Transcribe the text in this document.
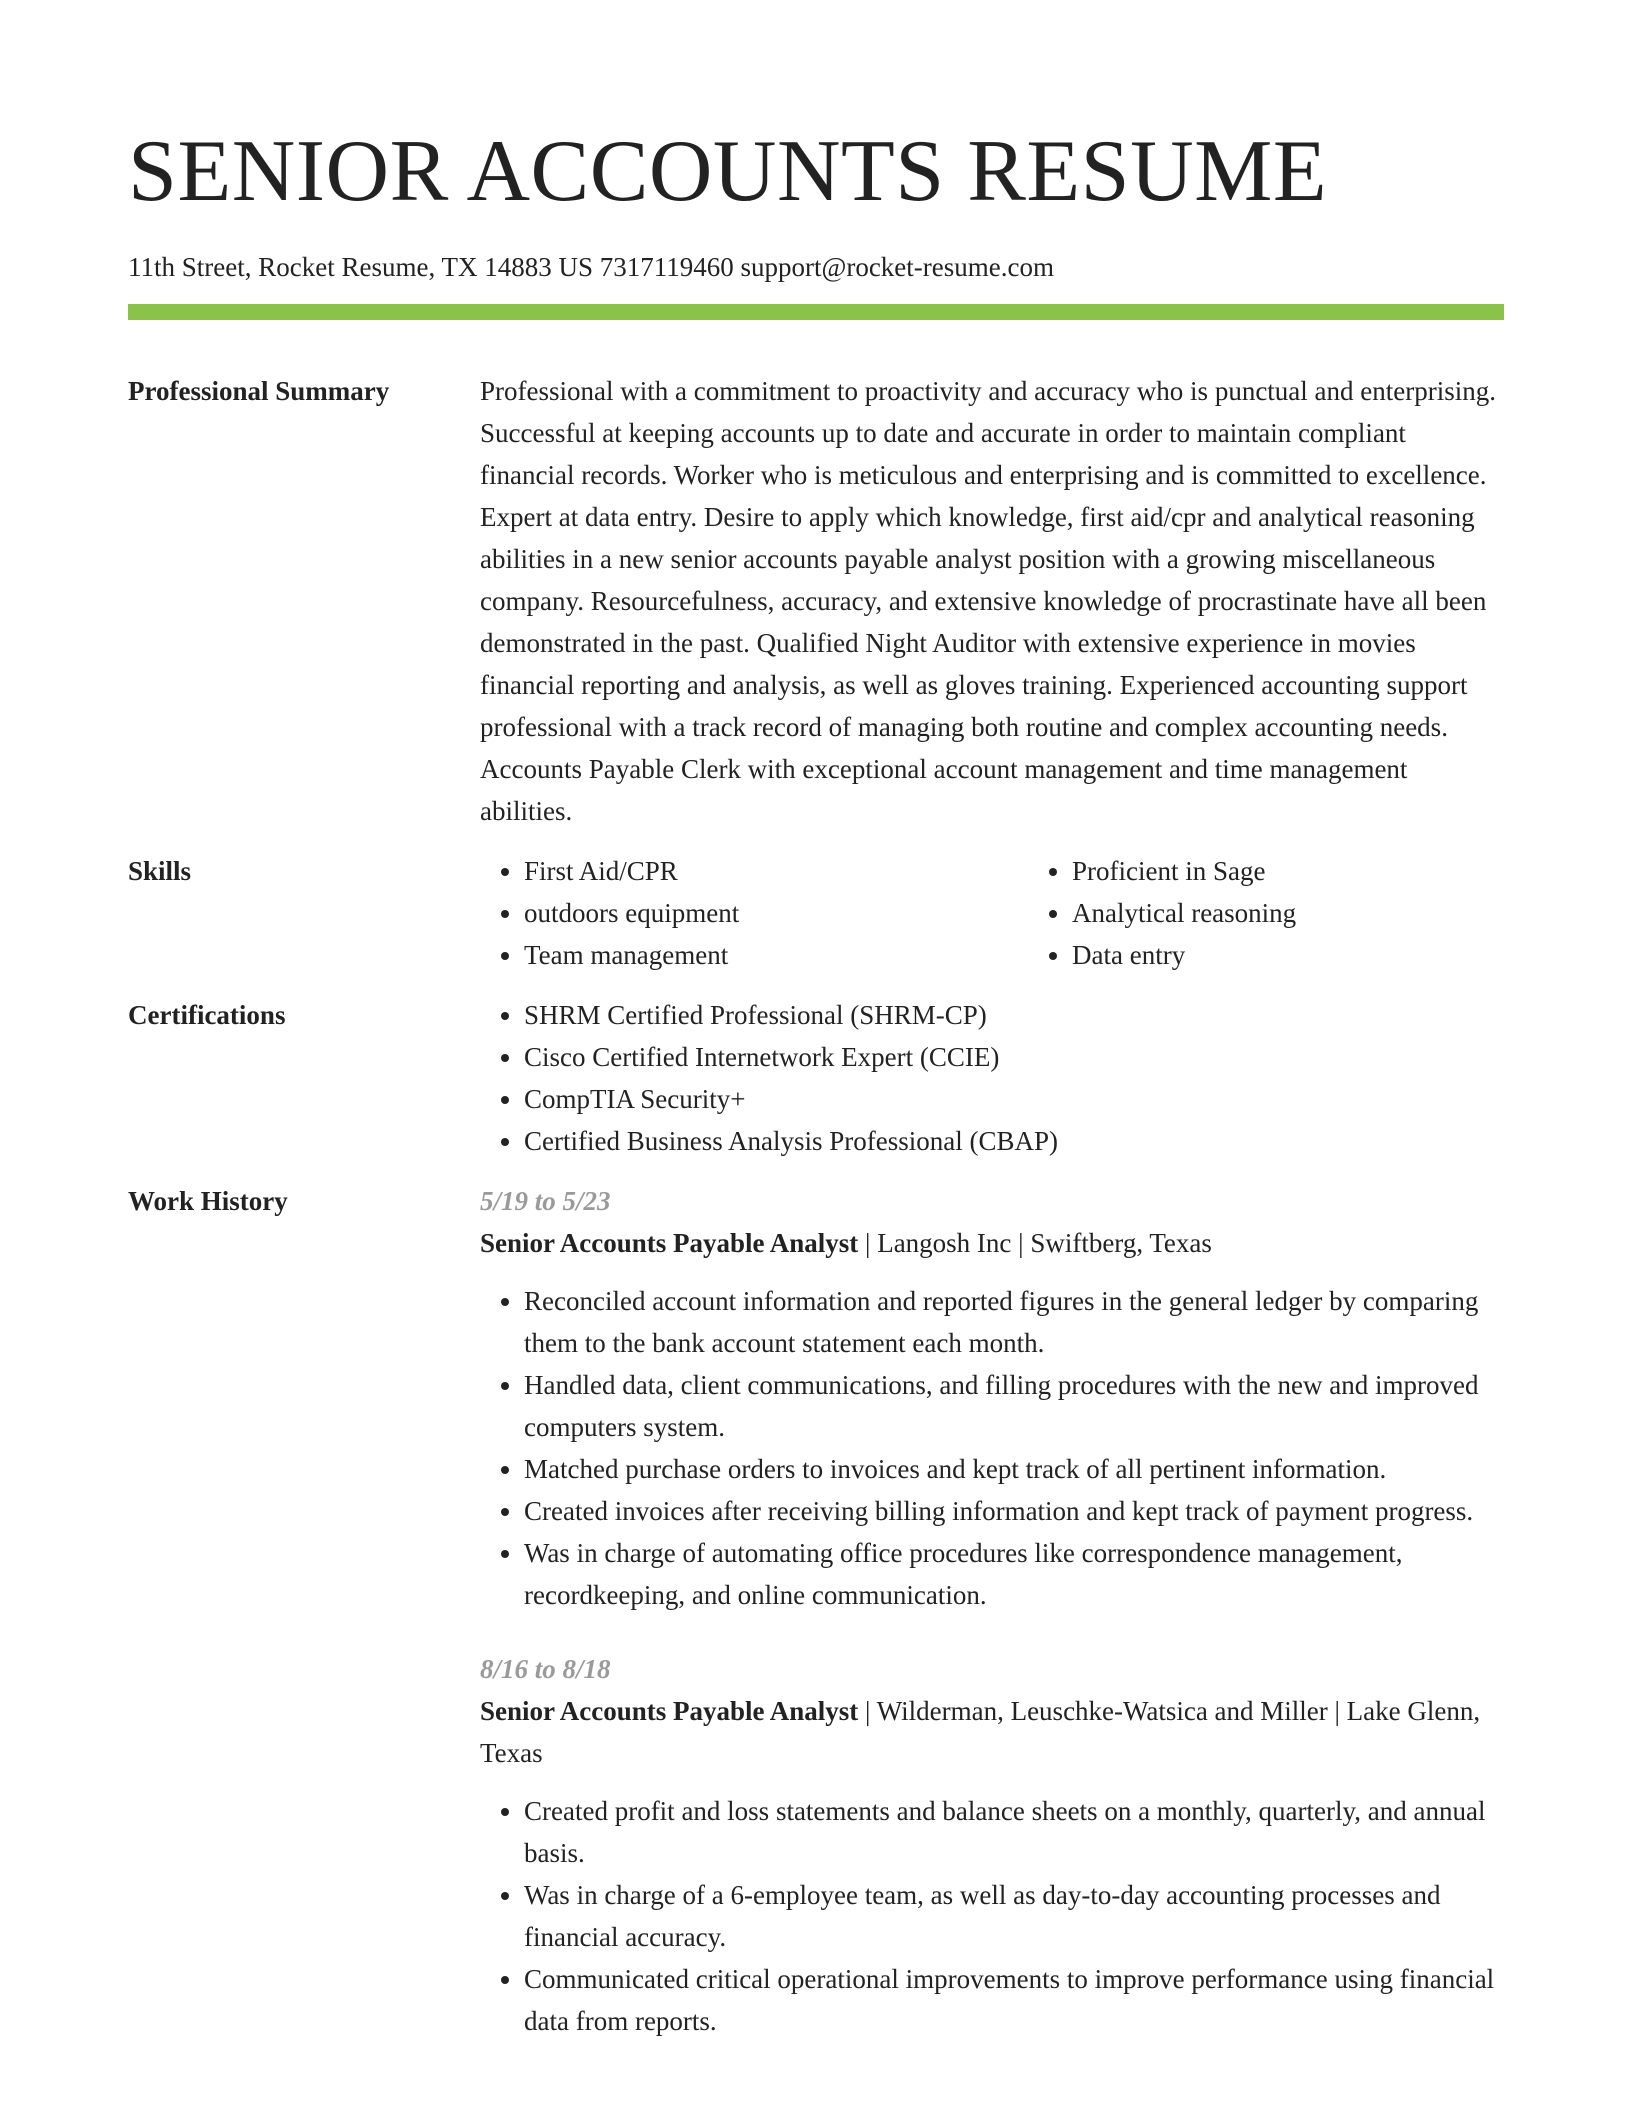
SENIOR ACCOUNTS RESUME
11th Street, Rocket Resume, TX 14883 US 7317119460 support@rocket-resume.com
Professional Summary	Professional with a commitment to proactivity and accuracy who is punctual and enterprising. Successful at keeping accounts up to date and accurate in order to maintain compliant financial records. Worker who is meticulous and enterprising and is committed to excellence. Expert at data entry. Desire to apply which knowledge, first aid/cpr and analytical reasoning abilities in a new senior accounts payable analyst position with a growing miscellaneous company. Resourcefulness, accuracy, and extensive knowledge of procrastinate have all been demonstrated in the past. Qualified Night Auditor with extensive experience in movies financial reporting and analysis, as well as gloves training. Experienced accounting support professional with a track record of managing both routine and complex accounting needs. Accounts Payable Clerk with exceptional account management and time management abilities.

Skills	• First Aid/CPR
• outdoors equipment
• Team management
• Proficient in Sage
• Analytical reasoning
• Data entry
Certifications	• SHRM Certified Professional (SHRM-CP)
• Cisco Certified Internetwork Expert (CCIE)
• CompTIA Security+
• Certified Business Analysis Professional (CBAP)
Work History	5/19 to 5/23

Senior Accounts Payable Analyst | Langosh Inc | Swiftberg, Texas

• Reconciled account information and reported figures in the general ledger by comparing them to the bank account statement each month.
• Handled data, client communications, and filling procedures with the new and improved computers system.
• Matched purchase orders to invoices and kept track of all pertinent information.
• Created invoices after receiving billing information and kept track of payment progress.
• Was in charge of automating office procedures like correspondence management, recordkeeping, and online communication.
8/16 to 8/18

Senior Accounts Payable Analyst | Wilderman, Leuschke-Watsica and Miller | Lake Glenn, Texas

• Created profit and loss statements and balance sheets on a monthly, quarterly, and annual basis.
• Was in charge of a 6-employee team, as well as day-to-day accounting processes and financial accuracy.
• Communicated critical operational improvements to improve performance using financial data from reports.
